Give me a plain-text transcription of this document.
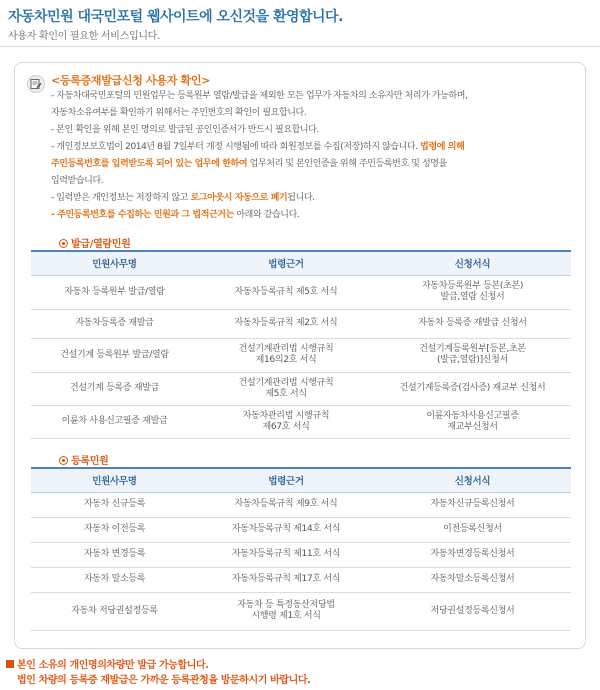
자동차민원 대국민포털 웹사이트에 오신것을 환영합니다.
사용자 확인이 필요한 서비스입니다.
<등록증재발급신청 사용자 확인>
- 자동차대국민포털의 민원업무는 등록원부 열람/발급을 제외한 모든 업무가 자동차의 소유자만 처리가 가능하며,
자동차소유여부를 확인하기 위해서는 주민번호의 확인이 필요합니다.
- 본인 확인을 위해 본인 명의로 발급된 공인인증서가 반드시 필요합니다.
- 개인정보보호법이 2014년 8월 7일부터 개정 시행됨에 따라 회원정보를 수집(저장)하지 않습니다. 법령에 의해
주민등록번호를 입력받도록 되어 있는 업무에 한하여 업무처리 및 본인인증을 위해 주민등록번호 및 성명을
입력받습니다.
- 입력받은 개인정보는 저장하지 않고 로그아웃시 자동으로 폐기됩니다.
- 주민등록번호를 수집하는 민원과 그 법적근거는 아래와 같습니다.
발급/열람민원
민원사무명	법령근거	신청서식
자동차 등록원부 발급/열람	자동차등록규칙 제5호 서식	자동차등록원부 등본(초본)
발급,열람 신청서
자동차등록증 재발급	자동차등록규칙 제2호 서식	자동차 등록증 재발급 신청서
건설기계 등록원부 발급/열람	건설기계관리법 시행규칙
제16의2호 서식	건설기계등록원부[등본,초본
(발급,열람)]신청서
건설기계 등록증 재발급	건설기계관리법 시행규칙
제5호 서식	건설기계등록증(검사증) 재교부 신청서
이륜차 사용신고필증 재발급	자동차관리법 시행규칙
제67호 서식	이륜자동차사용신고필증
재교부신청서
등록민원
민원사무명	법령근거	신청서식
자동차 신규등록	자동차등록규칙 제9호 서식	자동차신규등록신청서
자동차 이전등록	자동차등록규칙 제14호 서식	이전등록신청서
자동차 변경등록	자동차등록규칙 제11호 서식	자동차변경등록신청서
자동차 말소등록	자동차등록규칙 제17호 서식	자동차말소등록신청서
자동차 저당권설정등록	자동차 등 특정동산저당법
시행령 제1호 서식	저당권설정등록신청서
본인 소유의 개인명의차량만 발급 가능합니다.
법인 차량의 등록증 재발급은 가까운 등록관청을 방문하시기 바랍니다.
